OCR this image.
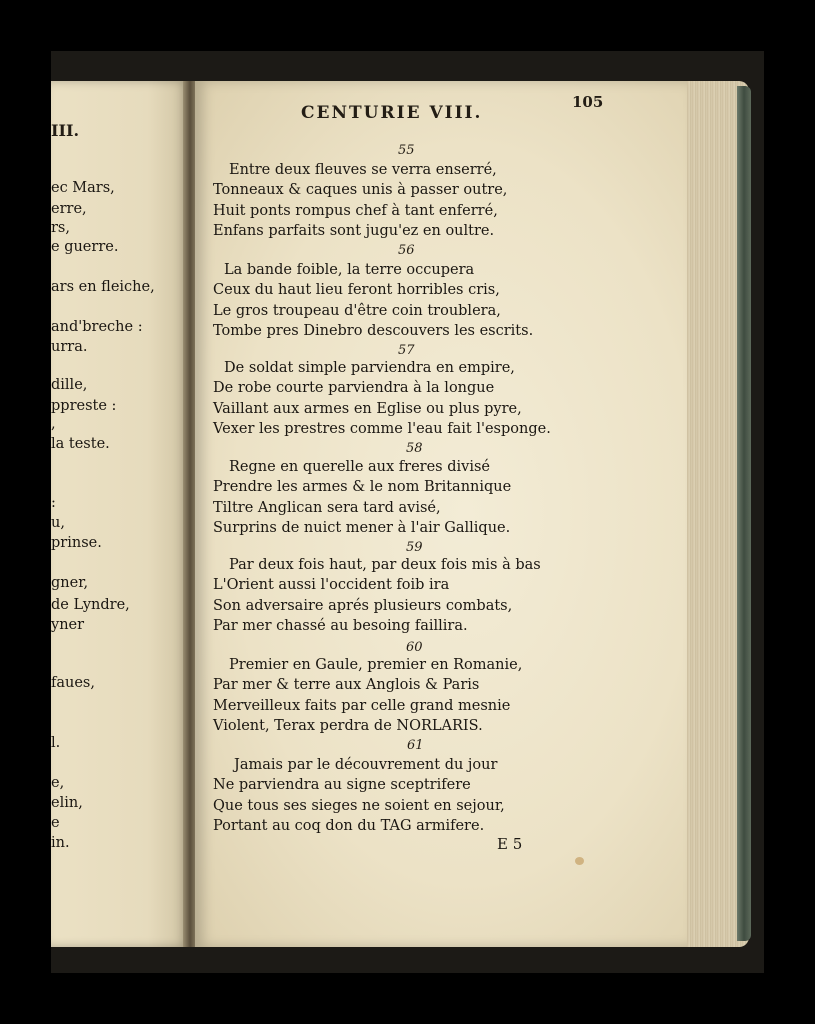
III.
ec Mars,
erre,
rs,
e guerre.
ars en fleiche,
and'breche :
urra.
dille,
ppreste :
,
la teste.
:
u,
prinse.
gner,
de Lyndre,
yner
faues,
l.
e,
elin,
e
in.
CENTURIE VIII.
105
55
Entre deux fleuves se verra enserré,
Tonneaux & caques unis à passer outre,
Huit ponts rompus chef à tant enferré,
Enfans parfaits sont jugu'ez en oultre.
56
La bande foible, la terre occupera
Ceux du haut lieu feront horribles cris,
Le gros troupeau d'être coin troublera,
Tombe pres Dinebro descouvers les escrits.
57
De soldat simple parviendra en empire,
De robe courte parviendra à la longue
Vaillant aux armes en Eglise ou plus pyre,
Vexer les prestres comme l'eau fait l'esponge.
58
Regne en querelle aux freres divisé
Prendre les armes & le nom Britannique
Tiltre Anglican sera tard avisé,
Surprins de nuict mener à l'air Gallique.
59
Par deux fois haut, par deux fois mis à bas
L'Orient aussi l'occident foib ira
Son adversaire aprés plusieurs combats,
Par mer chassé au besoing faillira.
60
Premier en Gaule, premier en Romanie,
Par mer & terre aux Anglois & Paris
Merveilleux faits par celle grand mesnie
Violent, Terax perdra de NORLARIS.
61
Jamais par le découvrement du jour
Ne parviendra au signe sceptrifere
Que tous ses sieges ne soient en sejour,
Portant au coq don du TAG armifere.
E 5
